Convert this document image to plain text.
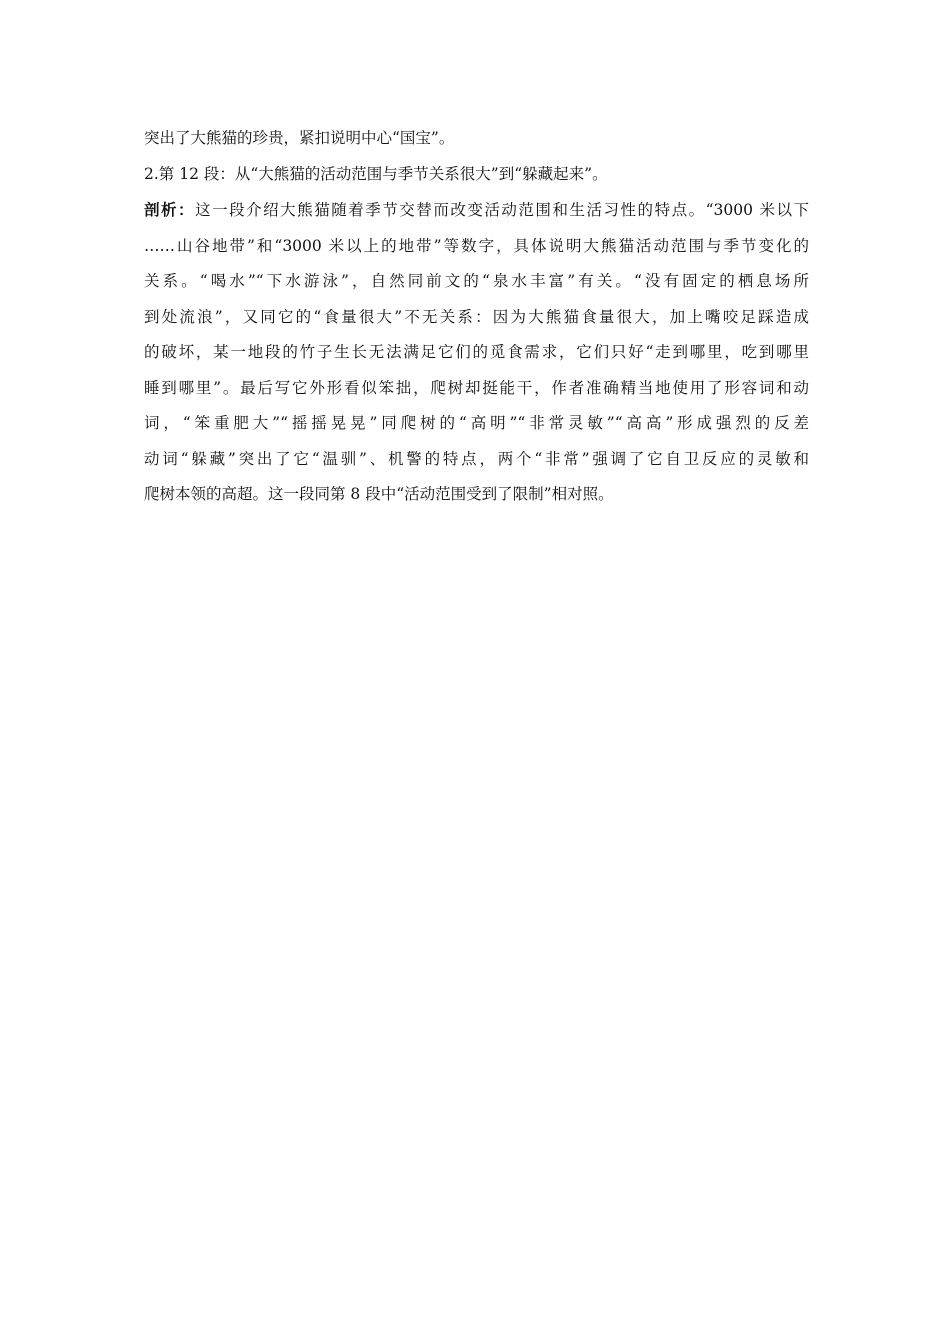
突出了大熊猫的珍贵，紧扣说明中心“国宝”。
2.第 12 段：从“大熊猫的活动范围与季节关系很大”到“躲藏起来”。
剖析：这一段介绍大熊猫随着季节交替而改变活动范围和生活习性的特点。“3000 米以下
……山谷地带”和“3000 米以上的地带”等数字，具体说明大熊猫活动范围与季节变化的
关系。“喝水”“下水游泳”，自然同前文的“泉水丰富”有关。“没有固定的栖息场所
到处流浪”，又同它的“食量很大”不无关系：因为大熊猫食量很大，加上嘴咬足踩造成
的破坏，某一地段的竹子生长无法满足它们的觅食需求，它们只好“走到哪里，吃到哪里
睡到哪里”。最后写它外形看似笨拙，爬树却挺能干，作者准确精当地使用了形容词和动
词，“笨重肥大”“摇摇晃晃”同爬树的“高明”“非常灵敏”“高高”形成强烈的反差
动词“躲藏”突出了它“温驯”、机警的特点，两个“非常”强调了它自卫反应的灵敏和
爬树本领的高超。这一段同第 8 段中“活动范围受到了限制”相对照。
